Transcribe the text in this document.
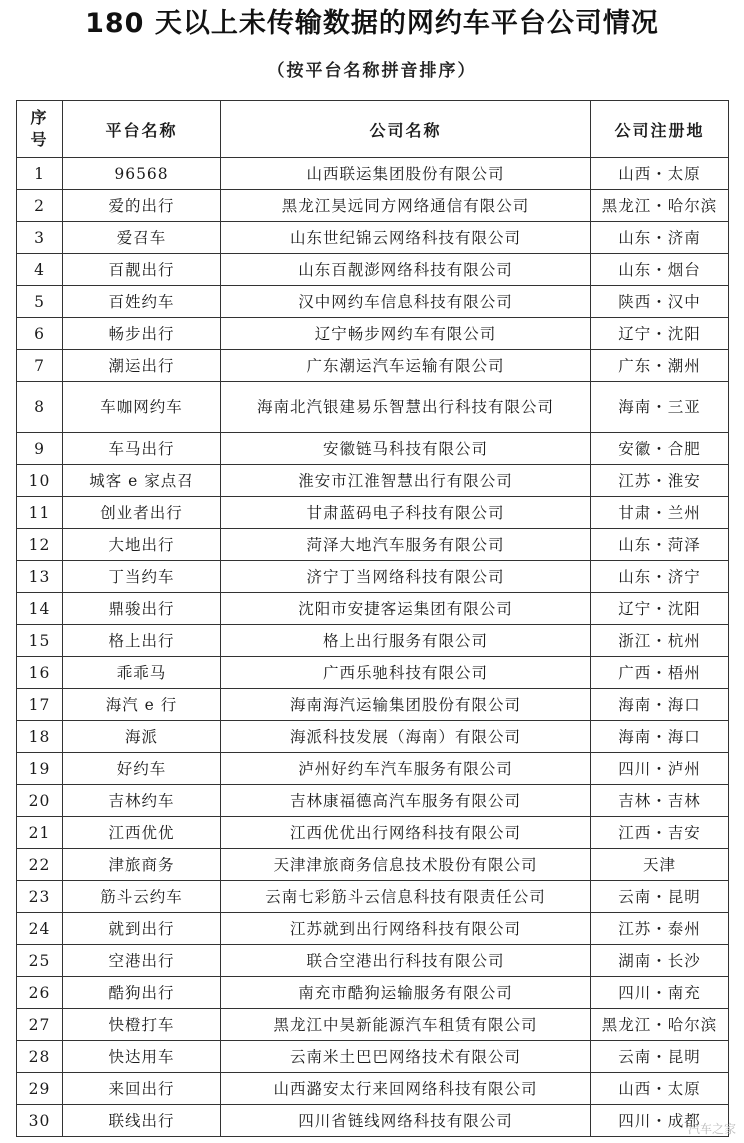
180 天以上未传输数据的网约车平台公司情况
（按平台名称拼音排序）
序号	平台名称	公司名称	公司注册地
1	96568	山西联运集团股份有限公司	山西・太原
2	爱的出行	黑龙江昊远同方网络通信有限公司	黑龙江・哈尔滨
3	爱召车	山东世纪锦云网络科技有限公司	山东・济南
4	百靓出行	山东百靓澎网络科技有限公司	山东・烟台
5	百姓约车	汉中网约车信息科技有限公司	陕西・汉中
6	畅步出行	辽宁畅步网约车有限公司	辽宁・沈阳
7	潮运出行	广东潮运汽车运输有限公司	广东・潮州
8	车咖网约车	海南北汽银建易乐智慧出行科技有限公司	海南・三亚
9	车马出行	安徽链马科技有限公司	安徽・合肥
10	城客 e 家点召	淮安市江淮智慧出行有限公司	江苏・淮安
11	创业者出行	甘肃蓝码电子科技有限公司	甘肃・兰州
12	大地出行	菏泽大地汽车服务有限公司	山东・菏泽
13	丁当约车	济宁丁当网络科技有限公司	山东・济宁
14	鼎骏出行	沈阳市安捷客运集团有限公司	辽宁・沈阳
15	格上出行	格上出行服务有限公司	浙江・杭州
16	乖乖马	广西乐驰科技有限公司	广西・梧州
17	海汽 e 行	海南海汽运输集团股份有限公司	海南・海口
18	海派	海派科技发展（海南）有限公司	海南・海口
19	好约车	泸州好约车汽车服务有限公司	四川・泸州
20	吉林约车	吉林康福德高汽车服务有限公司	吉林・吉林
21	江西优优	江西优优出行网络科技有限公司	江西・吉安
22	津旅商务	天津津旅商务信息技术股份有限公司	天津
23	筋斗云约车	云南七彩筋斗云信息科技有限责任公司	云南・昆明
24	就到出行	江苏就到出行网络科技有限公司	江苏・泰州
25	空港出行	联合空港出行科技有限公司	湖南・长沙
26	酷狗出行	南充市酷狗运输服务有限公司	四川・南充
27	快橙打车	黑龙江中昊新能源汽车租赁有限公司	黑龙江・哈尔滨
28	快达用车	云南米土巴巴网络技术有限公司	云南・昆明
29	来回出行	山西潞安太行来回网络科技有限公司	山西・太原
30	联线出行	四川省链线网络科技有限公司	四川・成都
汽车之家
